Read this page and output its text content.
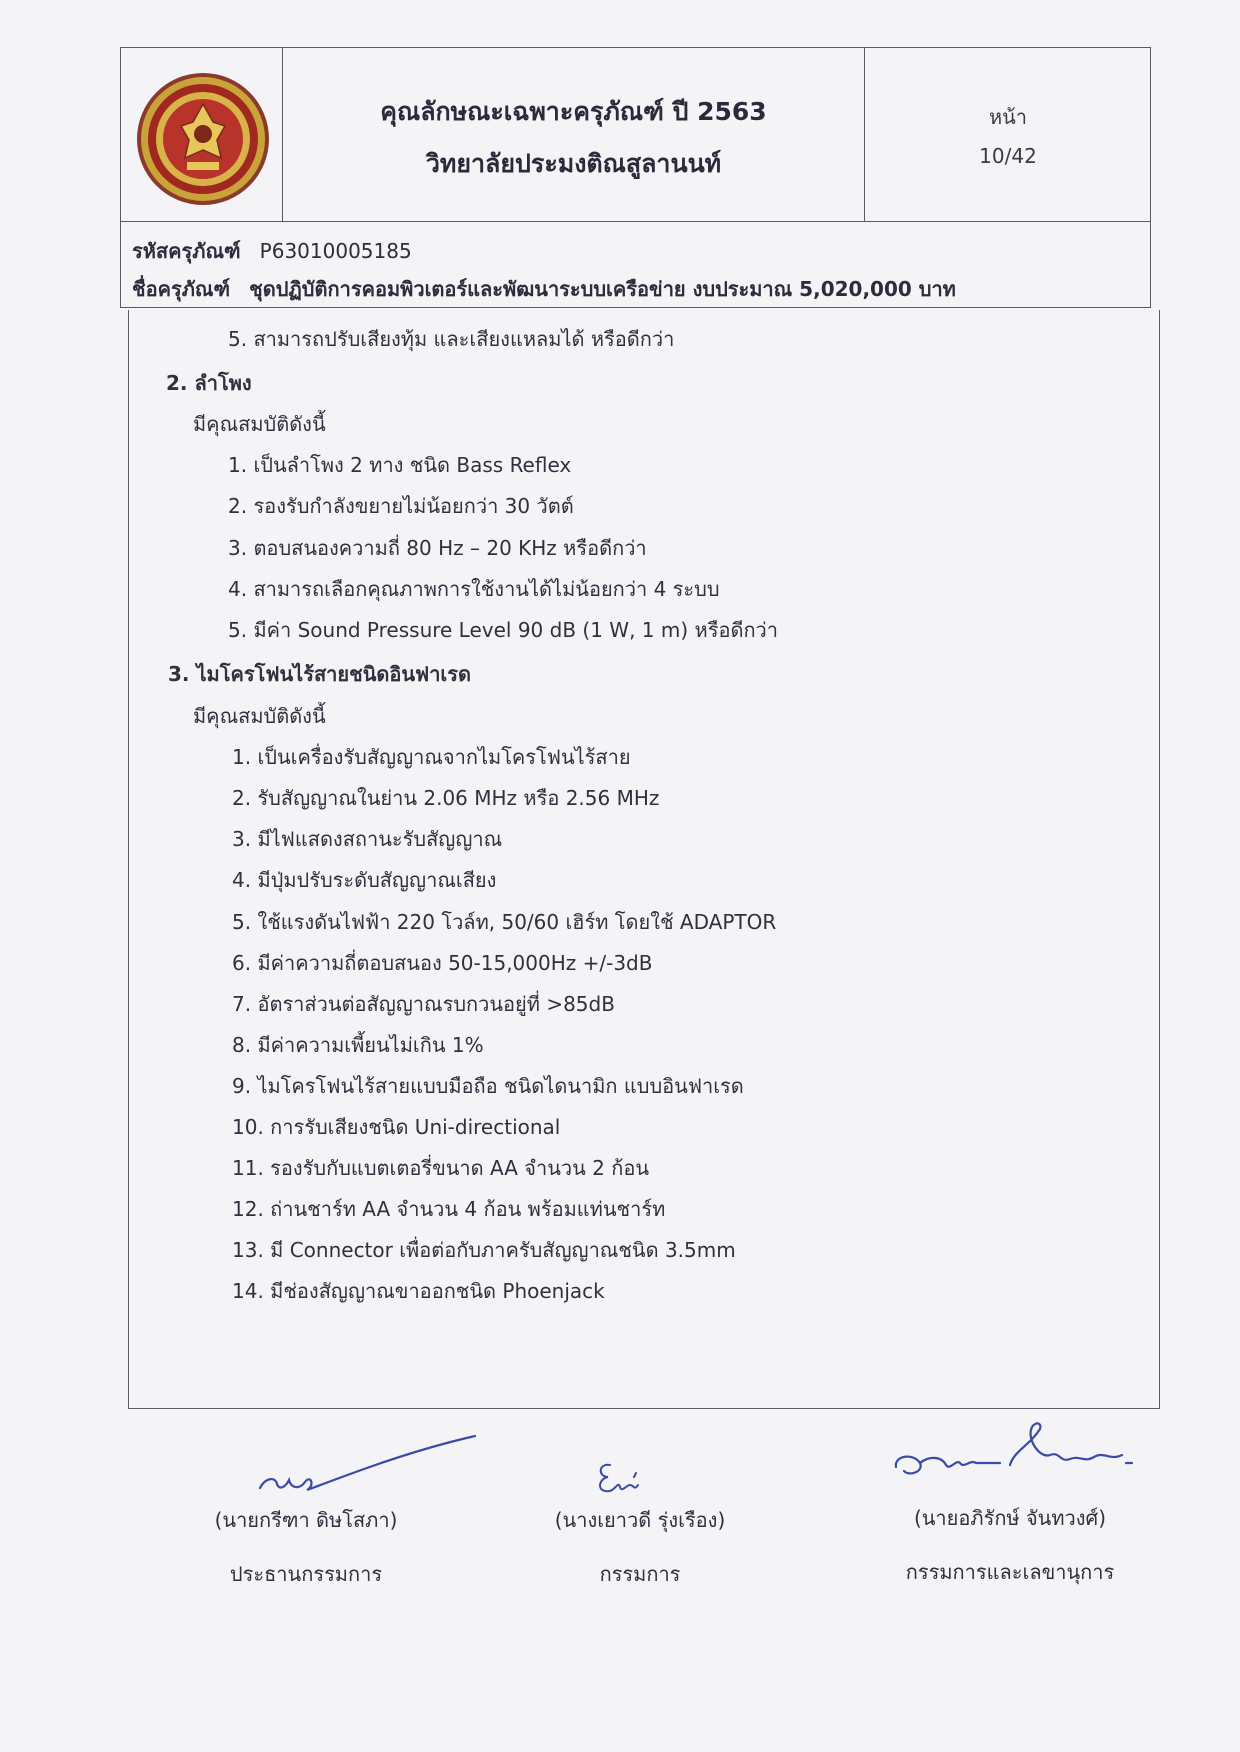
คุณลักษณะเฉพาะครุภัณฑ์ ปี 2563
วิทยาลัยประมงติณสูลานนท์
หน้า
10/42
รหัสครุภัณฑ์ P63010005185
ชื่อครุภัณฑ์ ชุดปฏิบัติการคอมพิวเตอร์และพัฒนาระบบเครือข่าย งบประมาณ 5,020,000 บาท
5. สามารถปรับเสียงทุ้ม และเสียงแหลมได้ หรือดีกว่า
2. ลำโพง
มีคุณสมบัติดังนี้
1. เป็นลำโพง 2 ทาง ชนิด Bass Reflex
2. รองรับกำลังขยายไม่น้อยกว่า 30 วัตต์
3. ตอบสนองความถี่ 80 Hz – 20 KHz หรือดีกว่า
4. สามารถเลือกคุณภาพการใช้งานได้ไม่น้อยกว่า 4 ระบบ
5. มีค่า Sound Pressure Level 90 dB (1 W, 1 m) หรือดีกว่า
3. ไมโครโฟนไร้สายชนิดอินฟาเรด
มีคุณสมบัติดังนี้
1. เป็นเครื่องรับสัญญาณจากไมโครโฟนไร้สาย
2. รับสัญญาณในย่าน 2.06 MHz หรือ 2.56 MHz
3. มีไฟแสดงสถานะรับสัญญาณ
4. มีปุ่มปรับระดับสัญญาณเสียง
5. ใช้แรงดันไฟฟ้า 220 โวล์ท, 50/60 เฮิร์ท โดยใช้ ADAPTOR
6. มีค่าความถี่ตอบสนอง 50-15,000Hz +/-3dB
7. อัตราส่วนต่อสัญญาณรบกวนอยู่ที่ >85dB
8. มีค่าความเพี้ยนไม่เกิน 1%
9. ไมโครโฟนไร้สายแบบมือถือ ชนิดไดนามิก แบบอินฟาเรด
10. การรับเสียงชนิด Uni-directional
11. รองรับกับแบตเตอรี่ขนาด AA จำนวน 2 ก้อน
12. ถ่านชาร์ท AA จำนวน 4 ก้อน พร้อมแท่นชาร์ท
13. มี Connector เพื่อต่อกับภาครับสัญญาณชนิด 3.5mm
14. มีช่องสัญญาณขาออกชนิด Phoenjack
(นายกรีฑา ดิษโสภา)
ประธานกรรมการ
(นางเยาวดี รุ่งเรือง)
กรรมการ
(นายอภิรักษ์ จันทวงศ์)
กรรมการและเลขานุการ
